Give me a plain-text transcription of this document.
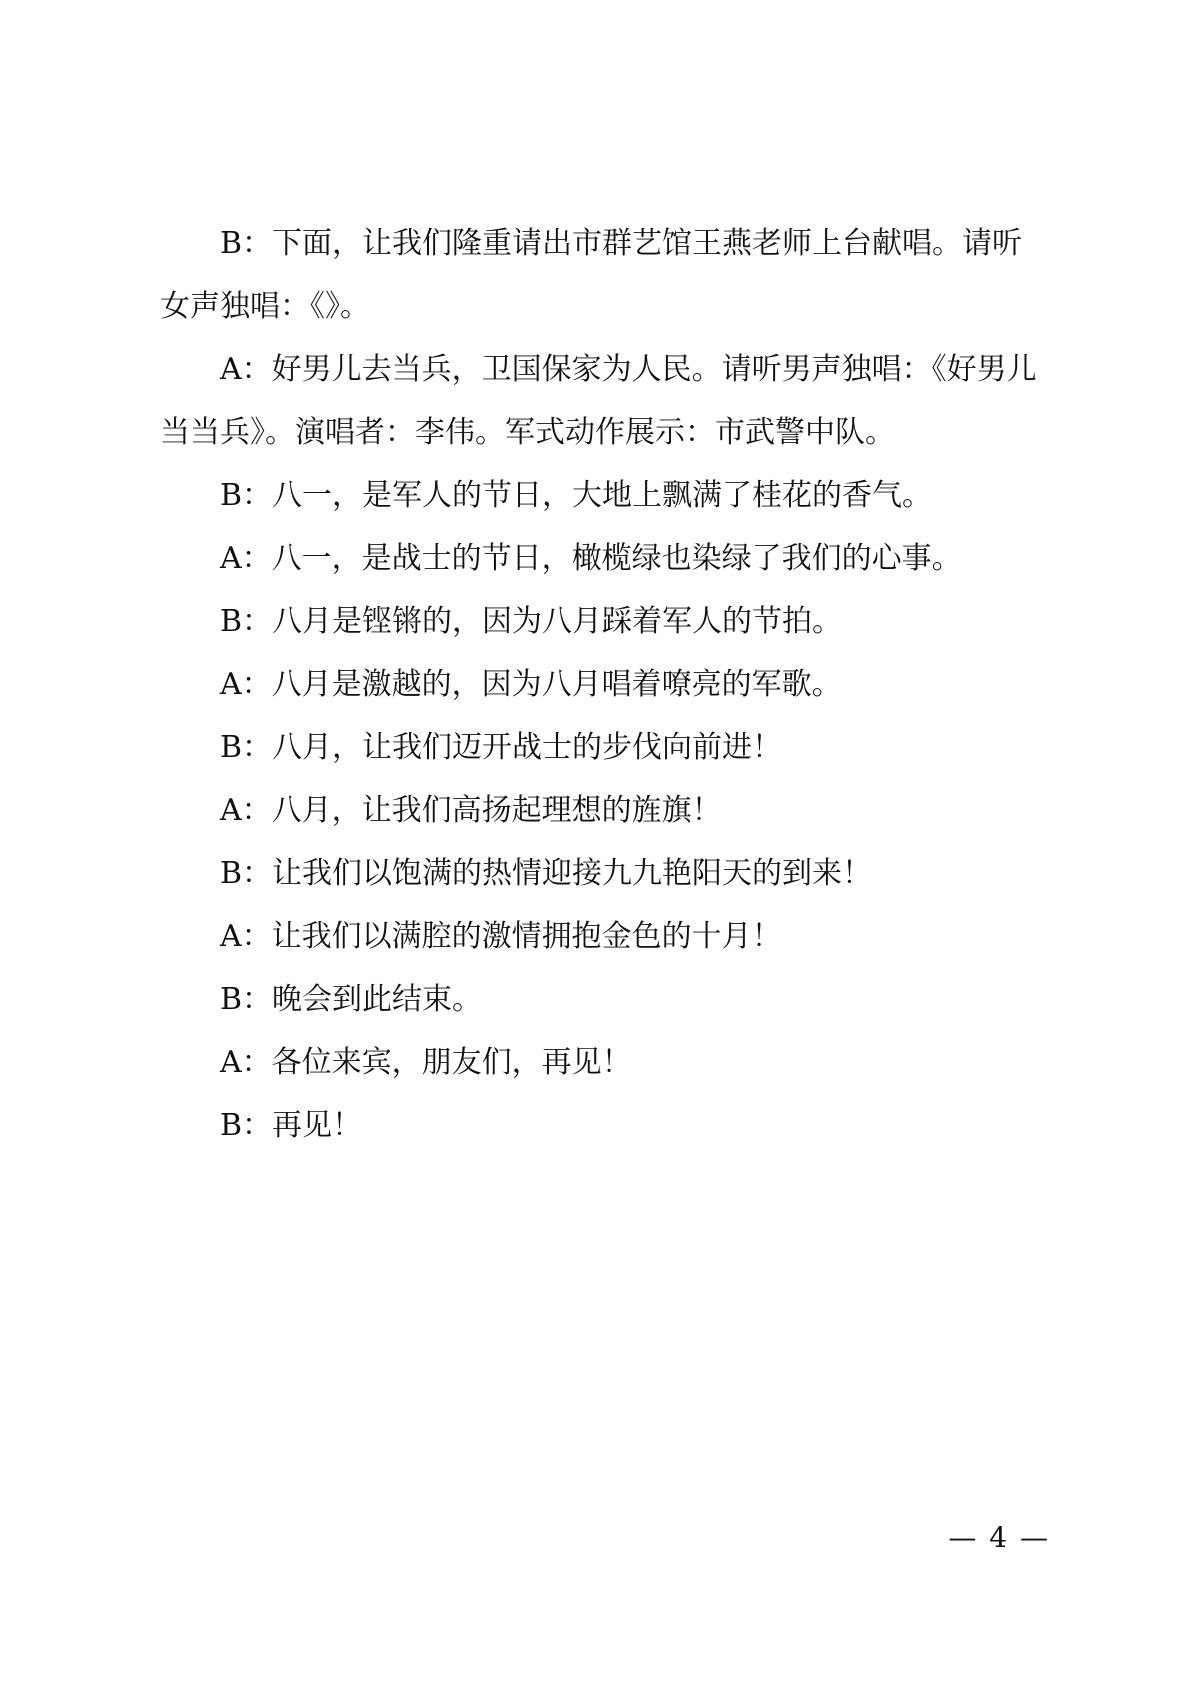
B：下面，让我们隆重请出市群艺馆王燕老师上台献唱。请听女声独唱：《》。

A：好男儿去当兵，卫国保家为人民。请听男声独唱：《好男儿当当兵》。演唱者：李伟。军式动作展示：市武警中队。

B：八一，是军人的节日，大地上飘满了桂花的香气。

A：八一，是战士的节日，橄榄绿也染绿了我们的心事。

B：八月是铿锵的，因为八月踩着军人的节拍。

A：八月是激越的，因为八月唱着嘹亮的军歌。

B：八月，让我们迈开战士的步伐向前进！

A：八月，让我们高扬起理想的旌旗！

B：让我们以饱满的热情迎接九九艳阳天的到来！

A：让我们以满腔的激情拥抱金色的十月！

B：晚会到此结束。

A：各位来宾，朋友们，再见！

B：再见！

— 4 —
